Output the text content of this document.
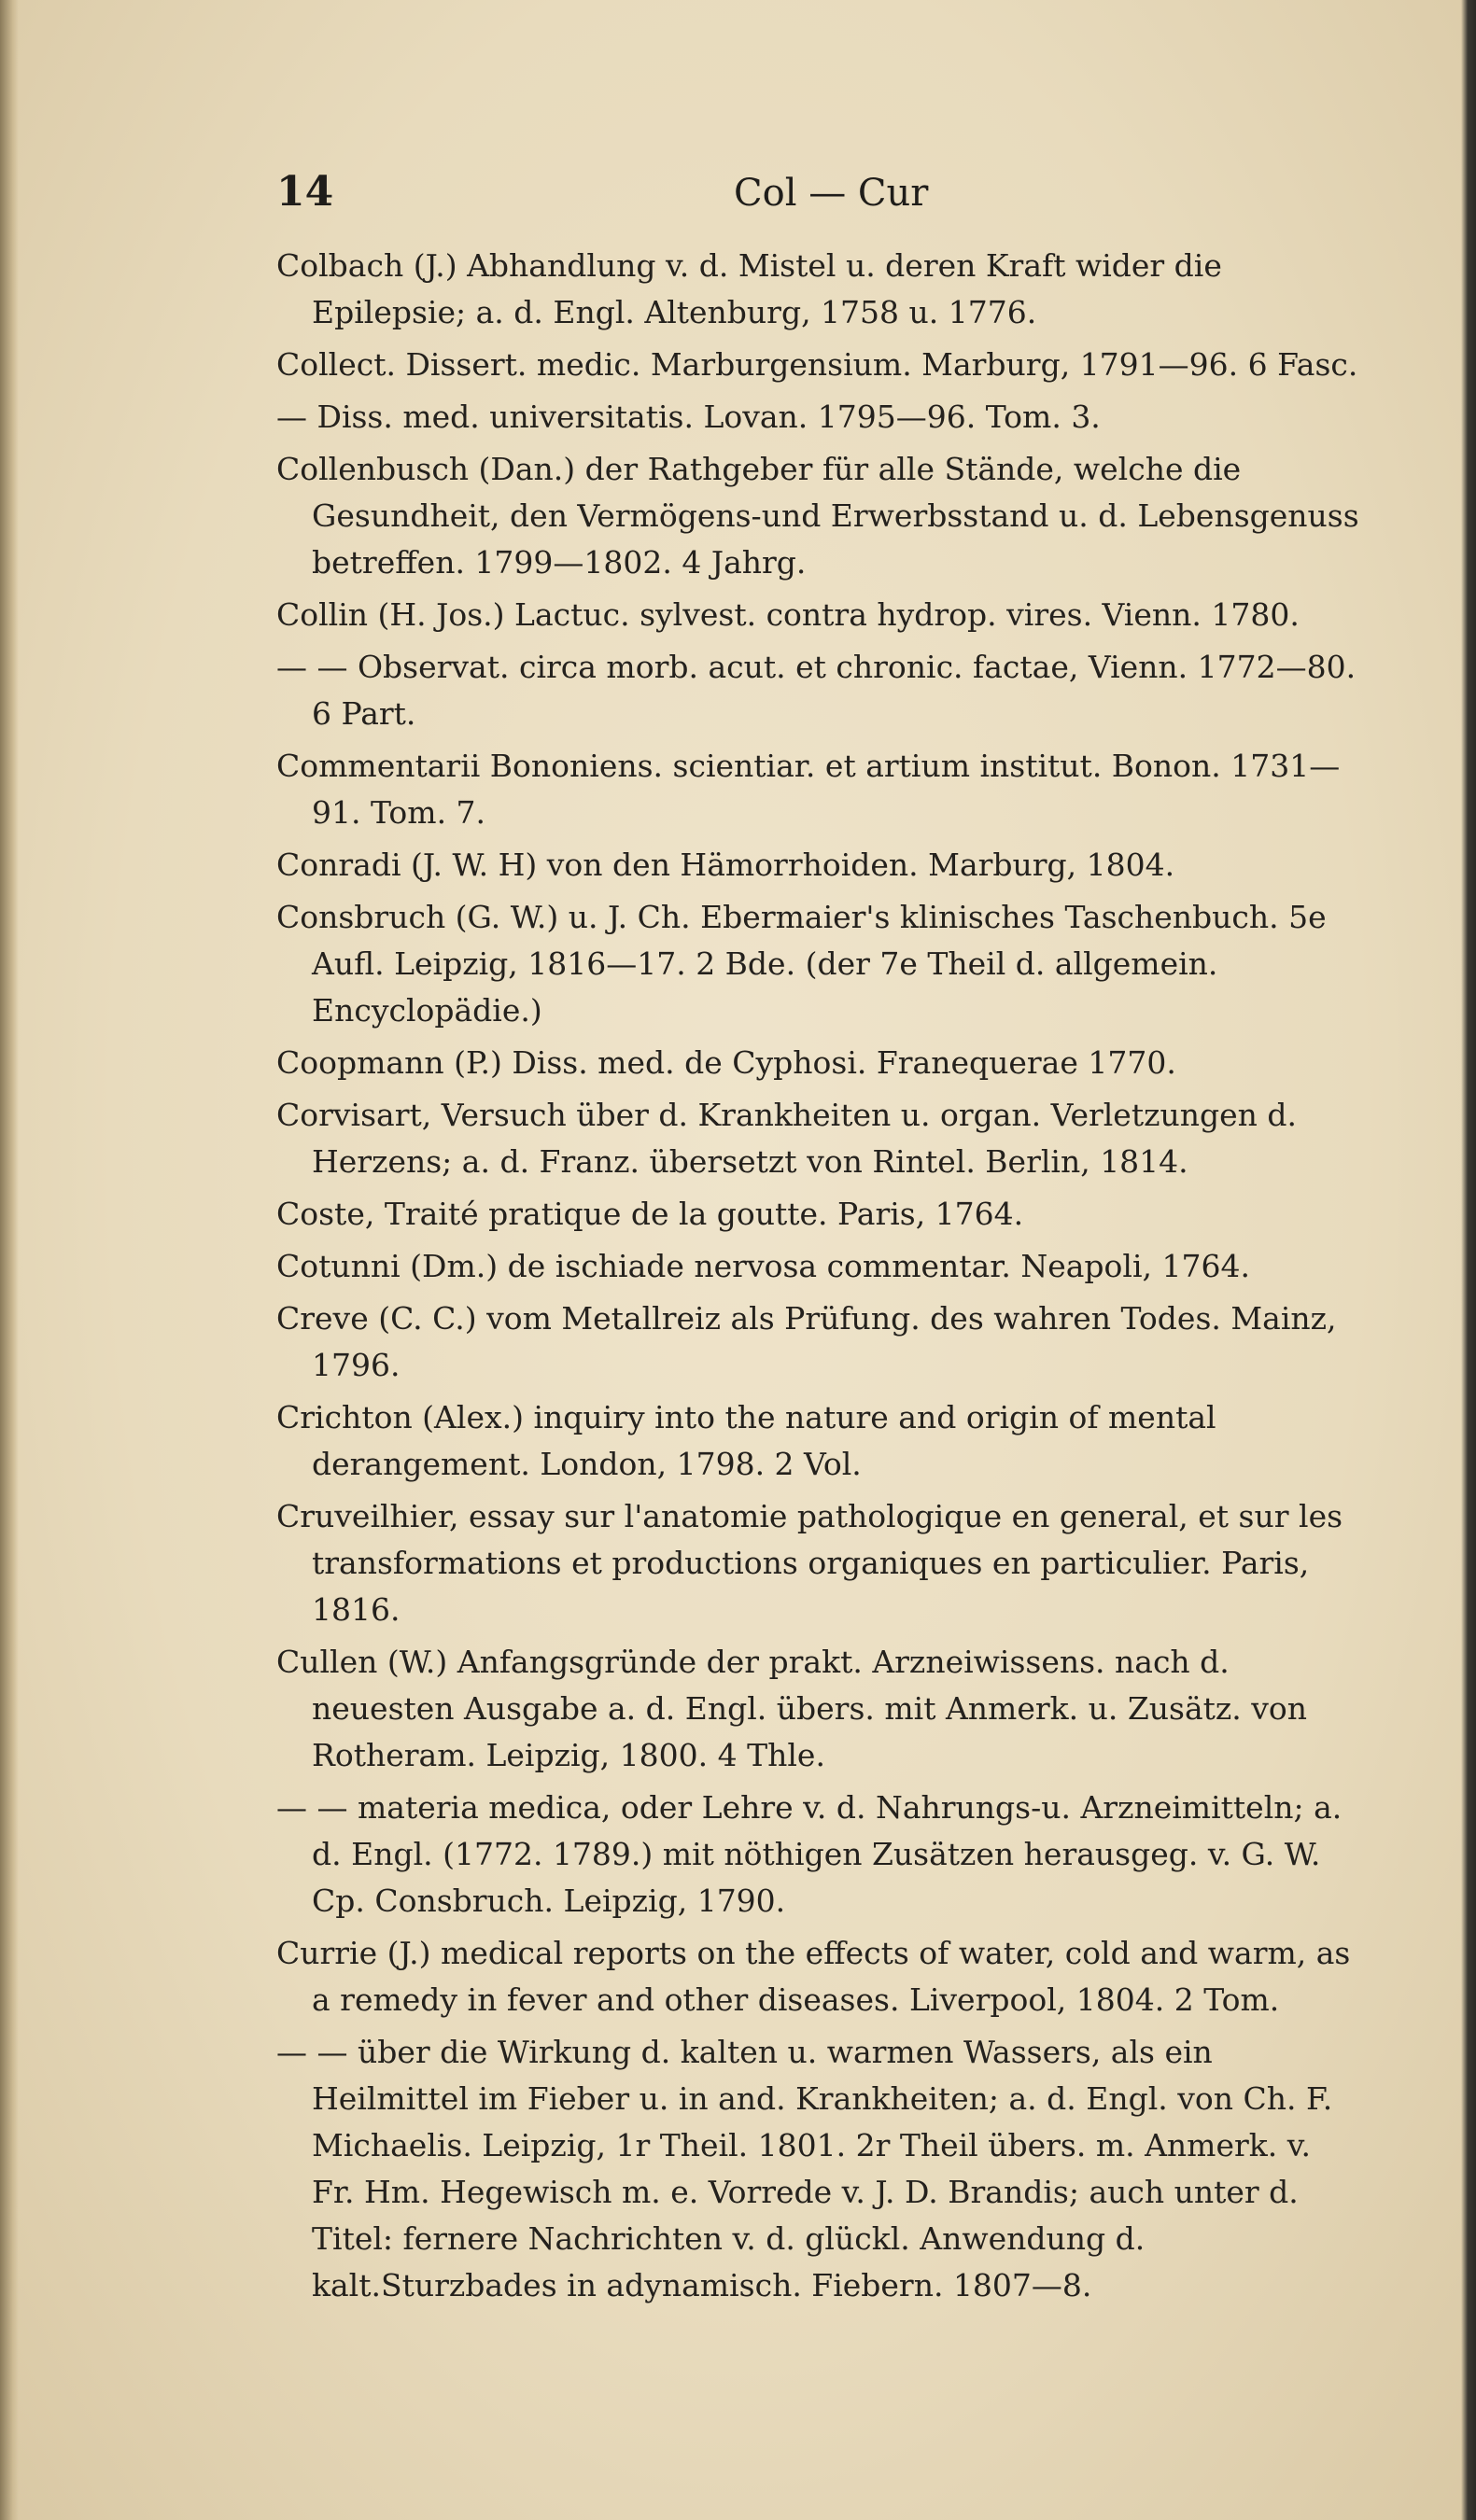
14	Col — Cur

Colbach (J.) Abhandlung v. d. Mistel u. deren Kraft wider die Epilepsie; a. d. Engl. Altenburg, 1758 u. 1776.

Collect. Dissert. medic. Marburgensium. Marburg, 1791—96. 6 Fasc.

— Diss. med. universitatis. Lovan. 1795—96. Tom. 3.

Collenbusch (Dan.) der Rathgeber für alle Stände, welche die Gesundheit, den Vermögens-und Erwerbsstand u. d. Lebensgenuss betreffen. 1799—1802. 4 Jahrg.

Collin (H. Jos.) Lactuc. sylvest. contra hydrop. vires. Vienn. 1780.

— — Observat. circa morb. acut. et chronic. factae, Vienn. 1772—80. 6 Part.

Commentarii Bononiens. scientiar. et artium institut. Bonon. 1731—91. Tom. 7.

Conradi (J. W. H) von den Hämorrhoiden. Marburg, 1804.

Consbruch (G. W.) u. J. Ch. Ebermaier's klinisches Taschenbuch. 5e Aufl. Leipzig, 1816—17. 2 Bde. (der 7e Theil d. allgemein. Encyclopädie.)

Coopmann (P.) Diss. med. de Cyphosi. Franequerae 1770.

Corvisart, Versuch über d. Krankheiten u. organ. Verletzungen d. Herzens; a. d. Franz. übersetzt von Rintel. Berlin, 1814.

Coste, Traité pratique de la goutte. Paris, 1764.

Cotunni (Dm.) de ischiade nervosa commentar. Neapoli, 1764.

Creve (C. C.) vom Metallreiz als Prüfung. des wahren Todes. Mainz, 1796.

Crichton (Alex.) inquiry into the nature and origin of mental derangement. London, 1798. 2 Vol.

Cruveilhier, essay sur l'anatomie pathologique en general, et sur les transformations et productions organiques en particulier. Paris, 1816.

Cullen (W.) Anfangsgründe der prakt. Arzneiwissens. nach d. neuesten Ausgabe a. d. Engl. übers. mit Anmerk. u. Zusätz. von Rotheram. Leipzig, 1800. 4 Thle.

— — materia medica, oder Lehre v. d. Nahrungs-u. Arzneimitteln; a. d. Engl. (1772. 1789.) mit nöthigen Zusätzen herausgeg. v. G. W. Cp. Consbruch. Leipzig, 1790.

Currie (J.) medical reports on the effects of water, cold and warm, as a remedy in fever and other diseases. Liverpool, 1804. 2 Tom.

— — über die Wirkung d. kalten u. warmen Wassers, als ein Heilmittel im Fieber u. in and. Krankheiten; a. d. Engl. von Ch. F. Michaelis. Leipzig, 1r Theil. 1801. 2r Theil übers. m. Anmerk. v. Fr. Hm. Hegewisch m. e. Vorrede v. J. D. Brandis; auch unter d. Titel: fernere Nachrichten v. d. glückl. Anwendung d. kalt.Sturzbades in adynamisch. Fiebern. 1807—8.
